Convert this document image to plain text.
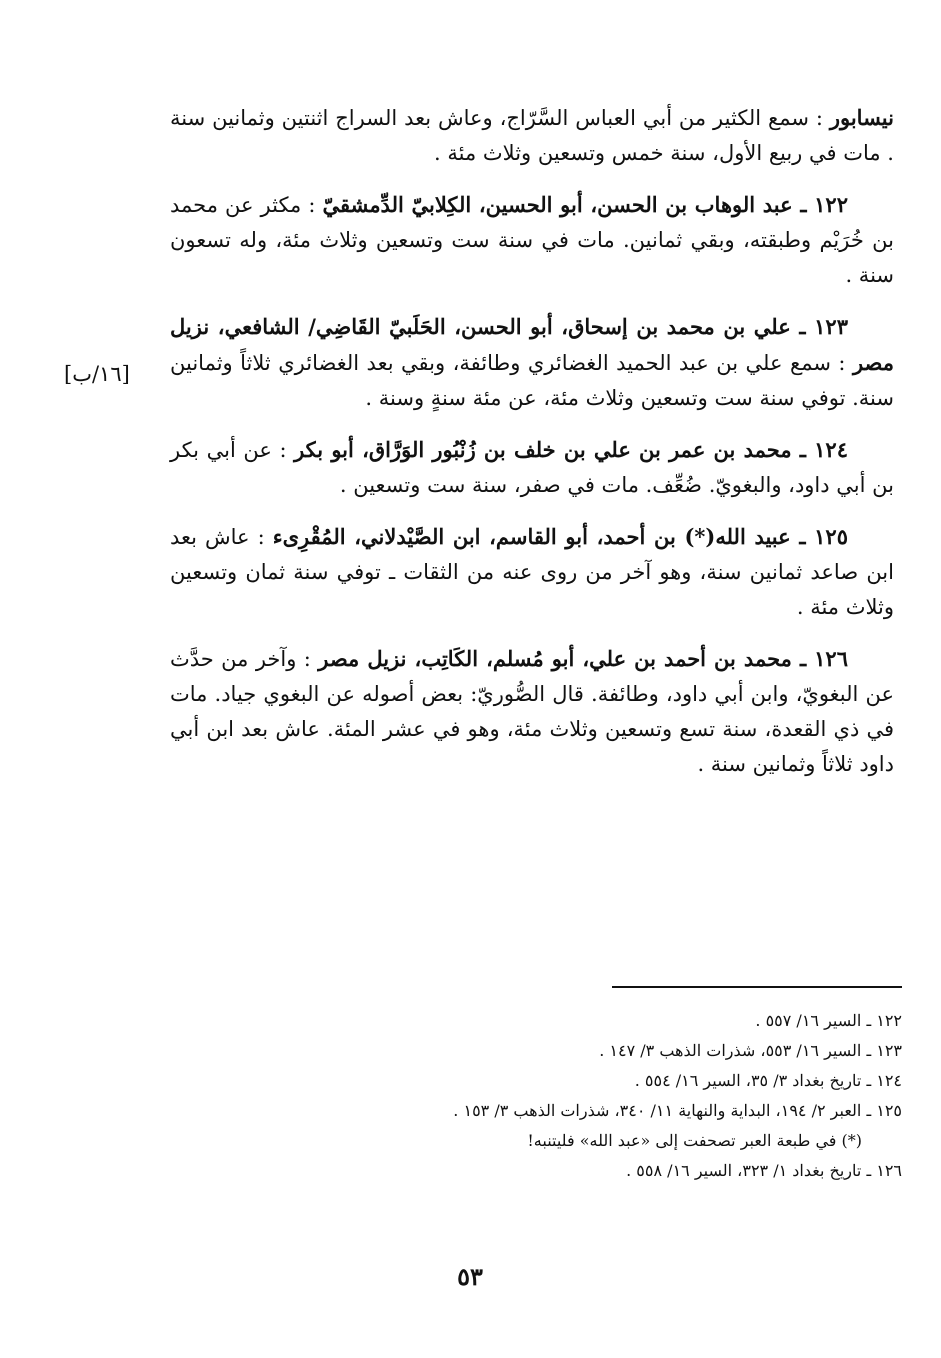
[١٦/ب]

نيسابور : سمع الكثير من أبي العباس السَّرّاج، وعاش بعد السراج اثنتين وثمانين سنة . مات في ربيع الأول، سنة خمس وتسعين وثلاث مئة .

١٢٢ ـ عبد الوهاب بن الحسن، أبو الحسين، الكِلابيّ الدِّمشقيّ : مكثر عن محمد بن خُرَيْم وطبقته، وبقي ثمانين. مات في سنة ست وتسعين وثلاث مئة، وله تسعون سنة .

١٢٣ ـ علي بن محمد بن إسحاق، أبو الحسن، الحَلَبيّ القَاضِي/ الشافعي، نزيل مصر : سمع علي بن عبد الحميد الغضائري وطائفة، وبقي بعد الغضائري ثلاثاً وثمانين سنة. توفي سنة ست وتسعين وثلاث مئة، عن مئة سنةٍ وسنة .

١٢٤ ـ محمد بن عمر بن علي بن خلف بن زُنْبُور الوَرَّاق، أبو بكر : عن أبي بكر بن أبي داود، والبغويّ. ضُعِّف. مات في صفر، سنة ست وتسعين .

١٢٥ ـ عبيد الله(*) بن أحمد، أبو القاسم، ابن الصَّيْدلاني، المُقْرِىء : عاش بعد ابن صاعد ثمانين سنة، وهو آخر من روى عنه من الثقات ـ توفي سنة ثمان وتسعين وثلاث مئة .

١٢٦ ـ محمد بن أحمد بن علي، أبو مُسلم، الكَاتِب، نزيل مصر : وآخر من حدَّث عن البغويّ، وابن أبي داود، وطائفة. قال الصُّوريّ: بعض أصوله عن البغوي جياد. مات في ذي القعدة، سنة تسع وتسعين وثلاث مئة، وهو في عشر المئة. عاش بعد ابن أبي داود ثلاثاً وثمانين سنة .

١٢٢ ـ السير ١٦/ ٥٥٧ .

١٢٣ ـ السير ١٦/ ٥٥٣، شذرات الذهب ٣/ ١٤٧ .

١٢٤ ـ تاريخ بغداد ٣/ ٣٥، السير ١٦/ ٥٥٤ .

١٢٥ ـ العبر ٢/ ١٩٤، البداية والنهاية ١١/ ٣٤٠، شذرات الذهب ٣/ ١٥٣ .

(*) في طبعة العبر تصحفت إلى «عبد الله» فليتنبه!

١٢٦ ـ تاريخ بغداد ١/ ٣٢٣، السير ١٦/ ٥٥٨ .

٥٣
